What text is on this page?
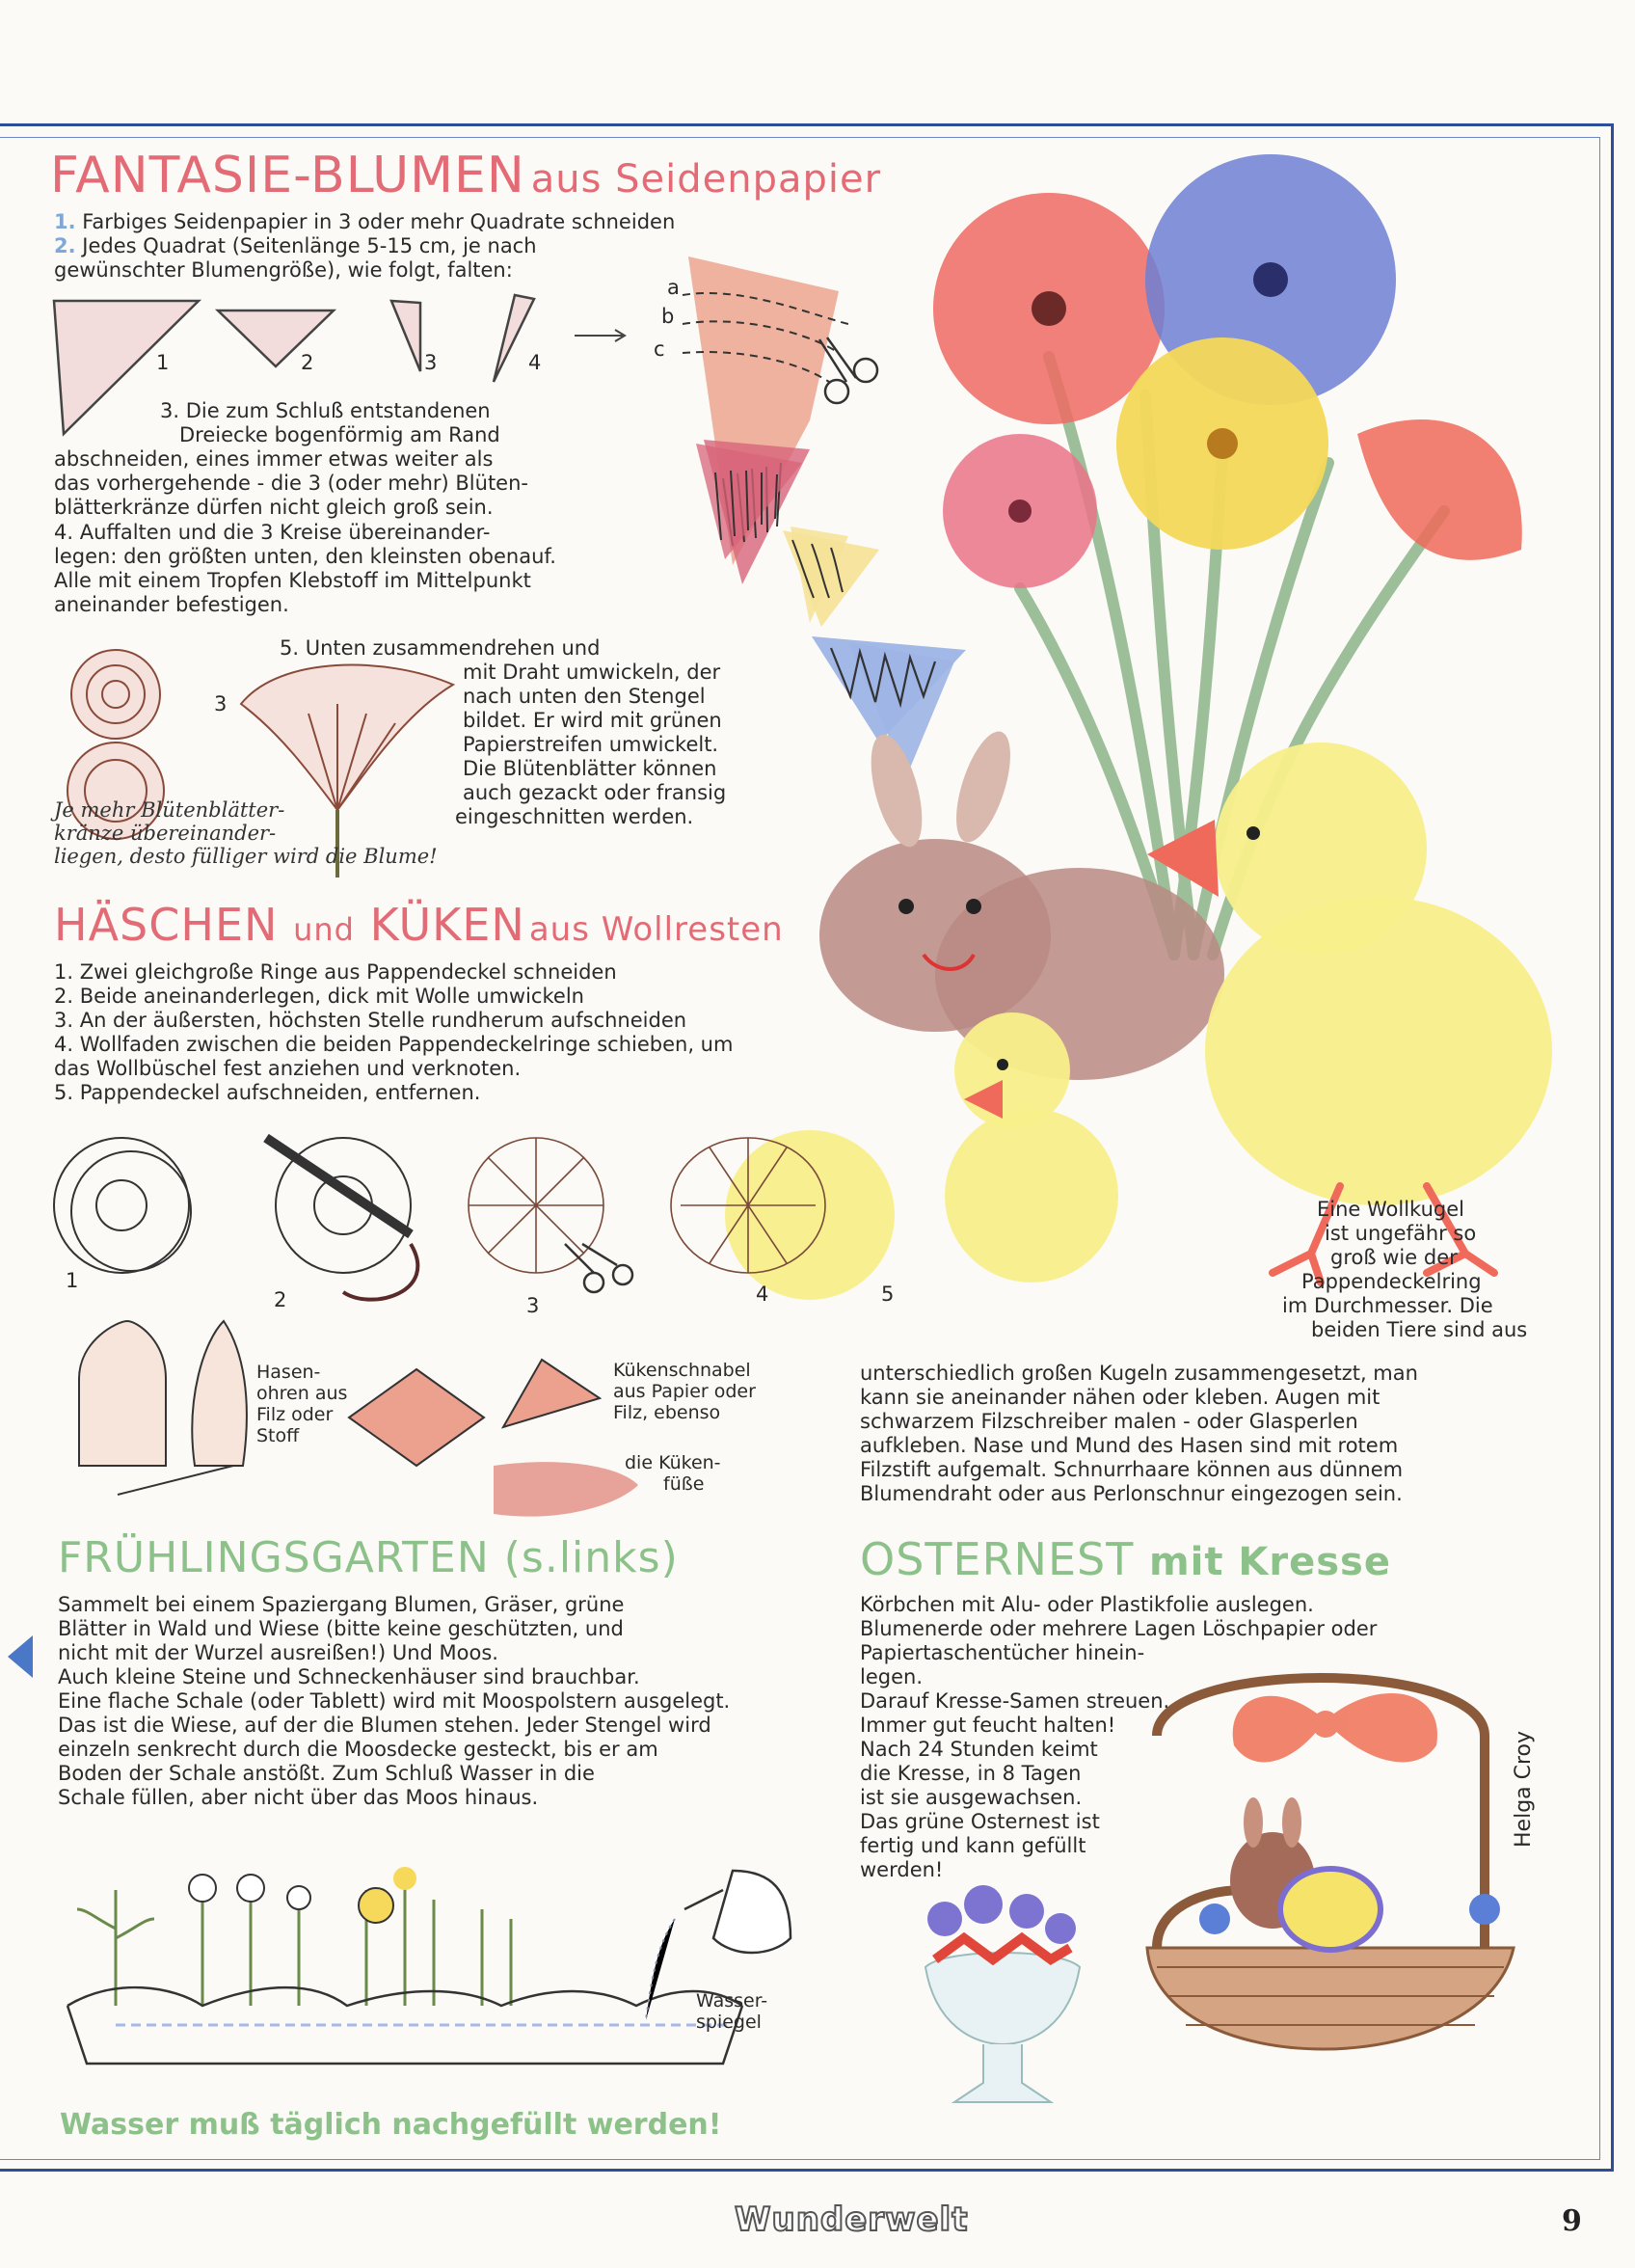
FANTASIE-BLUMEN aus Seidenpapier
1. Farbiges Seidenpapier in 3 oder mehr Quadrate schneiden
2. Jedes Quadrat (Seitenlänge 5-15 cm, je nach
gewünschter Blumengröße), wie folgt, falten:
1	2	3	4
a
b
c
3. Die zum Schluß entstandenen
Dreiecke bogenförmig am Rand
abschneiden, eines immer etwas weiter als
das vorhergehende - die 3 (oder mehr) Blüten-
blätterkränze dürfen nicht gleich groß sein.
4. Auffalten und die 3 Kreise übereinander-
legen: den größten unten, den kleinsten obenauf.
Alle mit einem Tropfen Klebstoff im Mittelpunkt
aneinander befestigen.
3
5. Unten zusammendrehen und
mit Draht umwickeln, der
nach unten den Stengel
bildet. Er wird mit grünen
Papierstreifen umwickelt.
Die Blütenblätter können
auch gezackt oder fransig
eingeschnitten werden.
Je mehr Blütenblätter-
kränze übereinander-
liegen, desto fülliger wird die Blume!
HÄSCHEN und KÜKEN aus Wollresten
1. Zwei gleichgroße Ringe aus Pappendeckel schneiden
2. Beide aneinanderlegen, dick mit Wolle umwickeln
3. An der äußersten, höchsten Stelle rundherum aufschneiden
4. Wollfaden zwischen die beiden Pappendeckelringe schieben, um
das Wollbüschel fest anziehen und verknoten.
5. Pappendeckel aufschneiden, entfernen.
1
2	3	4	5
Eine Wollkugel
ist ungefähr so
groß wie der
Pappendeckelring
im Durchmesser. Die
beiden Tiere sind aus
Hasen-
ohren aus
Filz oder
Stoff
Kükenschnabel
aus Papier oder
Filz, ebenso
die Küken-
füße
unterschiedlich großen Kugeln zusammengesetzt, man
kann sie aneinander nähen oder kleben. Augen mit
schwarzem Filzschreiber malen - oder Glasperlen
aufkleben. Nase und Mund des Hasen sind mit rotem
Filzstift aufgemalt. Schnurrhaare können aus dünnem
Blumendraht oder aus Perlonschnur eingezogen sein.
FRÜHLINGSGARTEN (s.links)
Sammelt bei einem Spaziergang Blumen, Gräser, grüne
Blätter in Wald und Wiese (bitte keine geschützten, und
nicht mit der Wurzel ausreißen!) Und Moos.
Auch kleine Steine und Schneckenhäuser sind brauchbar.
Eine flache Schale (oder Tablett) wird mit Moospolstern ausgelegt.
Das ist die Wiese, auf der die Blumen stehen. Jeder Stengel wird
einzeln senkrecht durch die Moosdecke gesteckt, bis er am
Boden der Schale anstößt. Zum Schluß Wasser in die
Schale füllen, aber nicht über das Moos hinaus.
Wasser-
spiegel
Wasser muß täglich nachgefüllt werden!
OSTERNEST mit Kresse
Körbchen mit Alu- oder Plastikfolie auslegen.
Blumenerde oder mehrere Lagen Löschpapier oder
Papiertaschentücher hinein-
legen.
Darauf Kresse-Samen streuen.
Immer gut feucht halten!
Nach 24 Stunden keimt
die Kresse, in 8 Tagen
ist sie ausgewachsen.
Das grüne Osternest ist
fertig und kann gefüllt
werden!
Helga Croy
Wunderwelt	9
